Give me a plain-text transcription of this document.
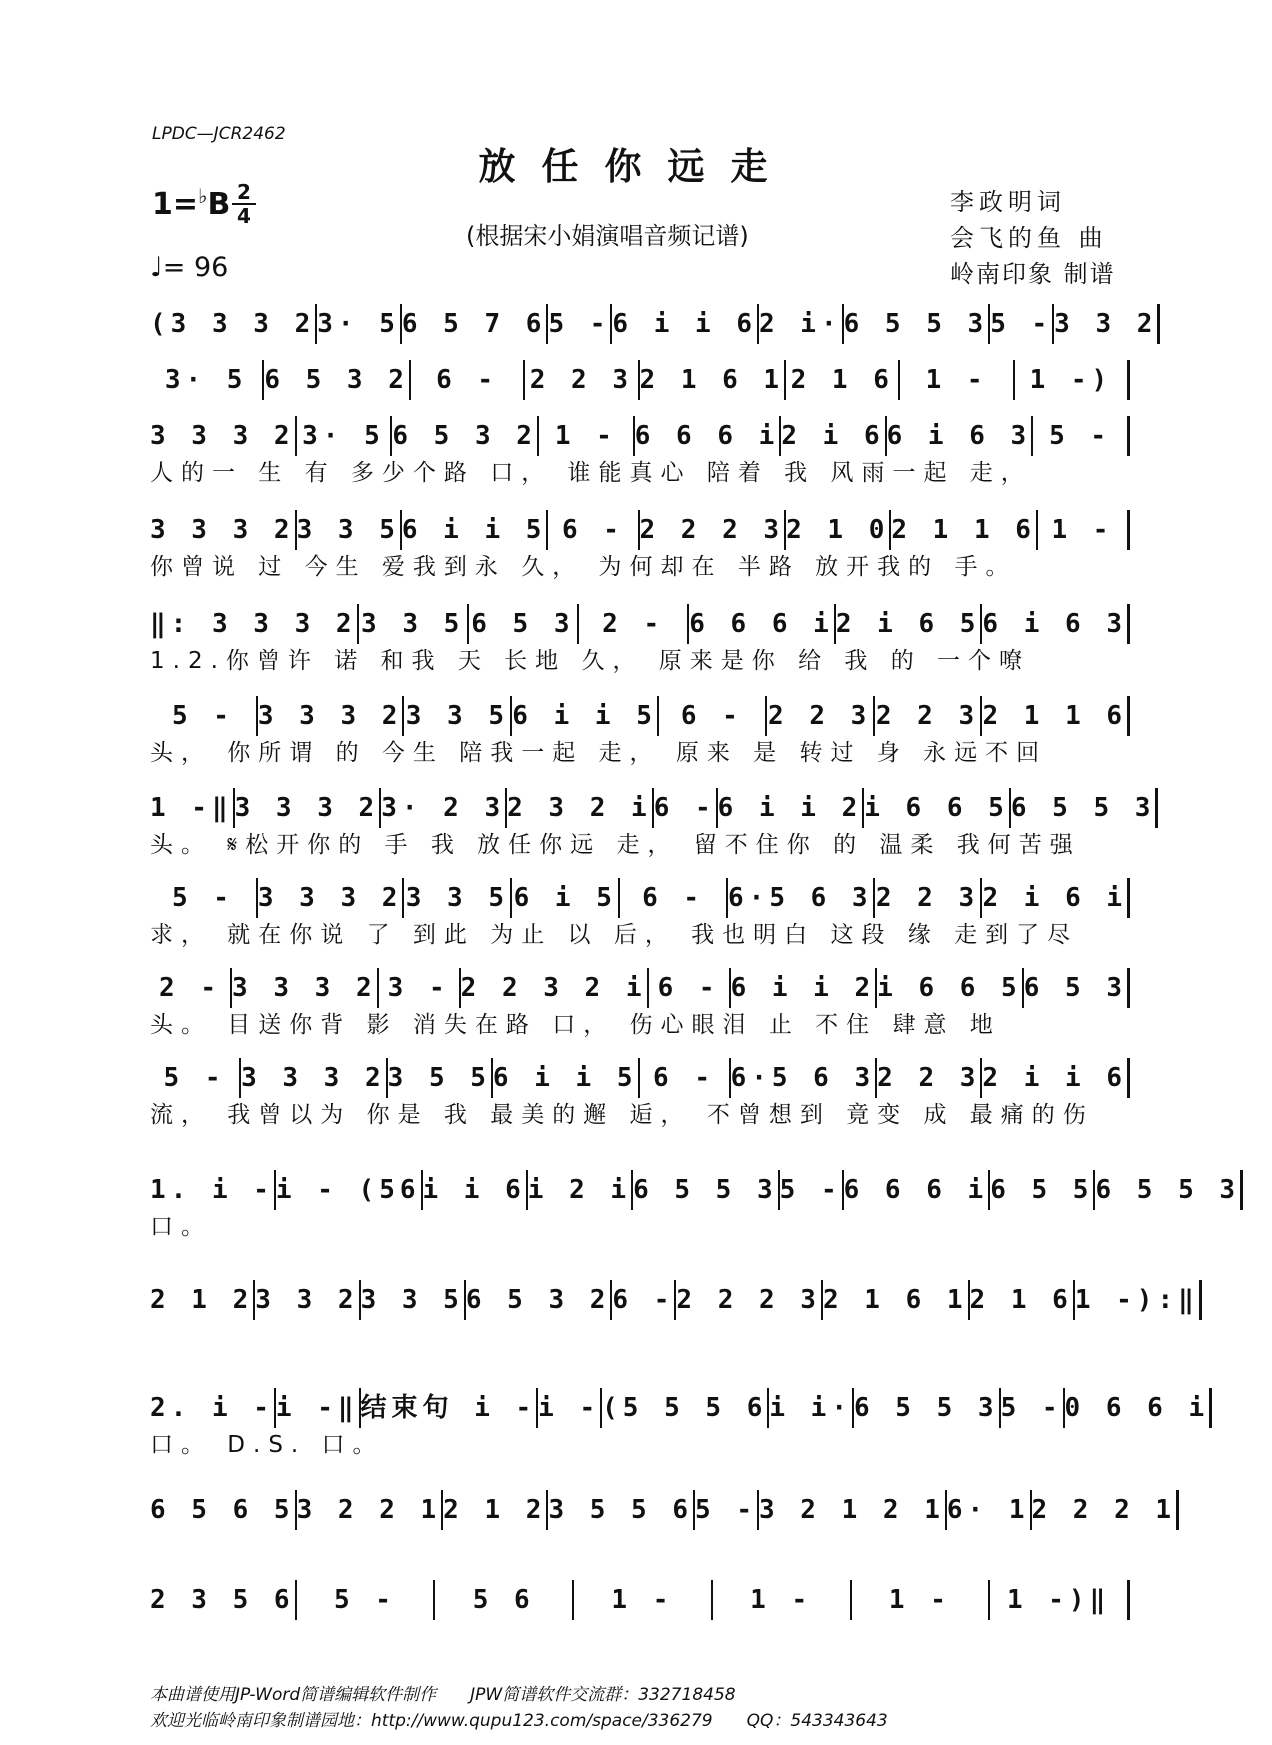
LPDC—JCR2462
放任你远走
1=♭B 2
4
(根据宋小娟演唱音频记谱)
♩= 96
李政明词
会飞的鱼 曲
岭南印象 制谱
(3 3 3 2 3· 5 6 5 7 6 5 - 6 i i 6 2 i· 6 5 5 3 5 - 3 3 2
3· 5 6 5 3 2	6 -	2 2 3 2 1 6 1 2 1 6	1 -	1 -)
3 3 3 2 3· 5 6 5 3 2 1 - 6 6 6 i 2 i 6 6 i 6 3 5 -
人的一 生 有 多少个路 口， 谁能真心 陪着 我 风雨一起 走，
3 3 3 2 3 3 5 6 i i 5 6 - 2 2 2 3 2 1 0 2 1 1 6 1 -
你曾说 过 今生 爱我到永 久， 为何却在 半路 放开我的 手。
‖: 3 3 3 2 3 3 5 6 5 3	2 - 6 6 6 i 2 i 6 5 6 i 6 3
1.2.你曾许 诺 和我 天 长地 久， 原来是你 给 我 的 一个嘹
5 - 3 3 3 2 3 3 5 6 i i 5 6 - 2 2 3 2 2 3 2 1 1 6
头， 你所谓 的 今生 陪我一起 走， 原来 是 转过 身 永远不回
1 -‖ 3 3 3 2 3· 2 3 2 3 2 i 6 - 6 i i 2 i 6 6 5 6 5 5 3
头。 𝄋松开你的 手 我 放任你远 走， 留不住你 的 温柔 我何苦强
5 - 3 3 3 2 3 3 5 6 i 5 6 - 6·5 6 3 2 2 3 2 i 6 i
求， 就在你说 了 到此 为止 以 后， 我也明白 这段 缘 走到了尽
2 - 3 3 3 2 3 - 2 2 3 2 i 6 - 6 i i 2 i 6 6 5 6 5 3
头。 目送你背 影 消失在路 口， 伤心眼泪 止 不住 肆意 地
5 - 3 3 3 2 3 5 5 6 i i 5 6 - 6·5 6 3 2 2 3 2 i i 6
流， 我曾以为 你是 我 最美的邂 逅， 不曾想到 竟变 成 最痛的伤
1. i - i - (56 i i 6 i 2 i 6 5 5 3 5 - 6 6 6 i 6 5 5 6 5 5 3
口。
2 1 2 3 3 2 3 3 5 6 5 3 2 6 - 2 2 2 3 2 1 6 1 2 1 6 1 -):‖
2. i - i -‖ 结束句 i - i - (5 5 5 6 i i· 6 5 5 3 5 - 0 6 6 i
口。 D.S. 口。
6 5 6 5 3 2 2 1 2 1 2 3 5 5 6 5 - 3 2 1 2 1 6· 1 2 2 2 1
2 3 5 6	5 -	5 6	1 -	1 -	1 -	1 -)‖
本曲谱使用JP-Word简谱编辑软件制作　　JPW简谱软件交流群：332718458
欢迎光临岭南印象制谱园地：http://www.qupu123.com/space/336279　　QQ：543343643
